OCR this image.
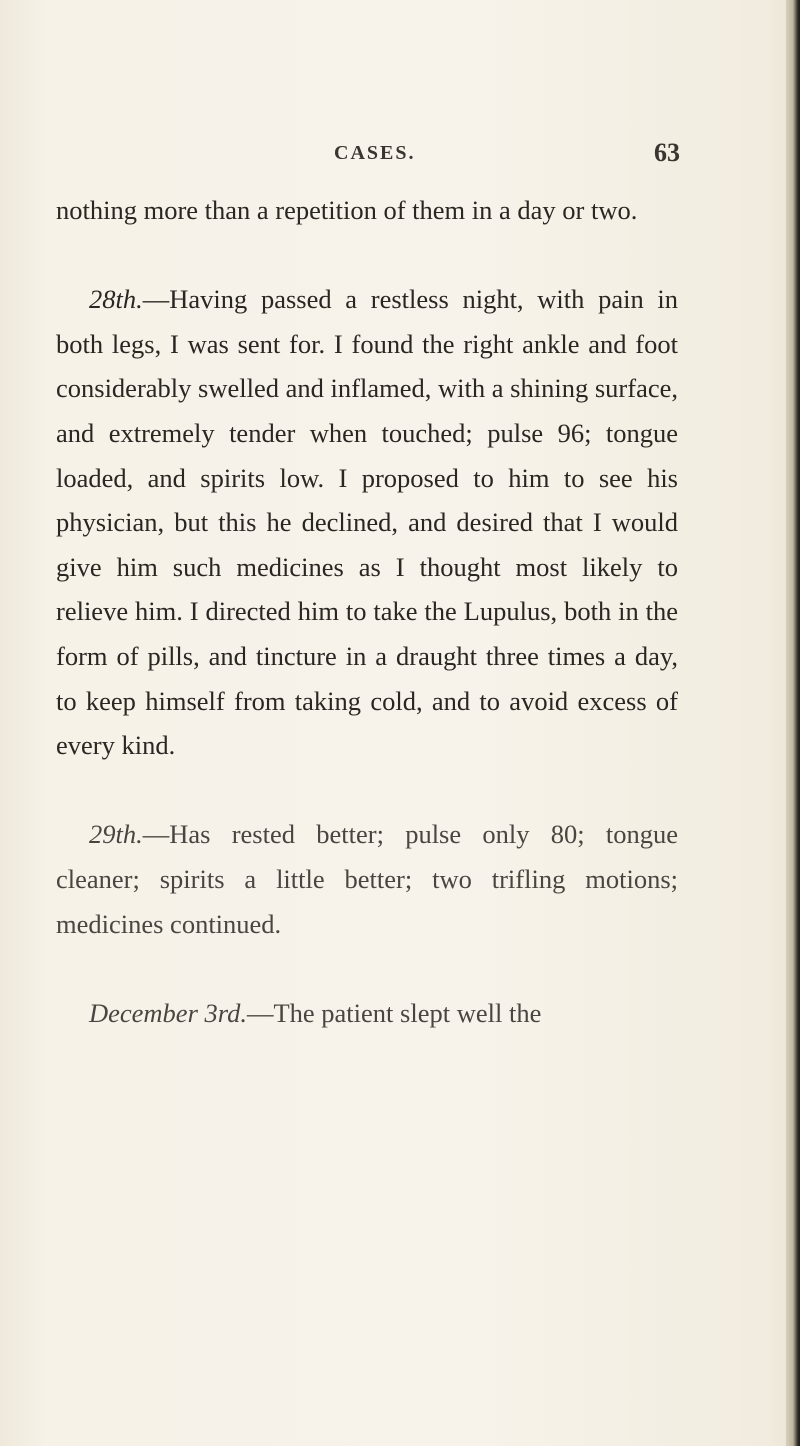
CASES.	63

nothing more than a repetition of them in a day or two.

28th.—Having passed a restless night, with pain in both legs, I was sent for. I found the right ankle and foot considerably swelled and inflamed, with a shining surface, and extremely tender when touched; pulse 96; tongue loaded, and spirits low. I proposed to him to see his physician, but this he declined, and desired that I would give him such medicines as I thought most likely to relieve him. I directed him to take the Lupulus, both in the form of pills, and tincture in a draught three times a day, to keep himself from taking cold, and to avoid excess of every kind.

29th.—Has rested better; pulse only 80; tongue cleaner; spirits a little better; two trifling motions; medicines continued.

December 3rd.—The patient slept well the
